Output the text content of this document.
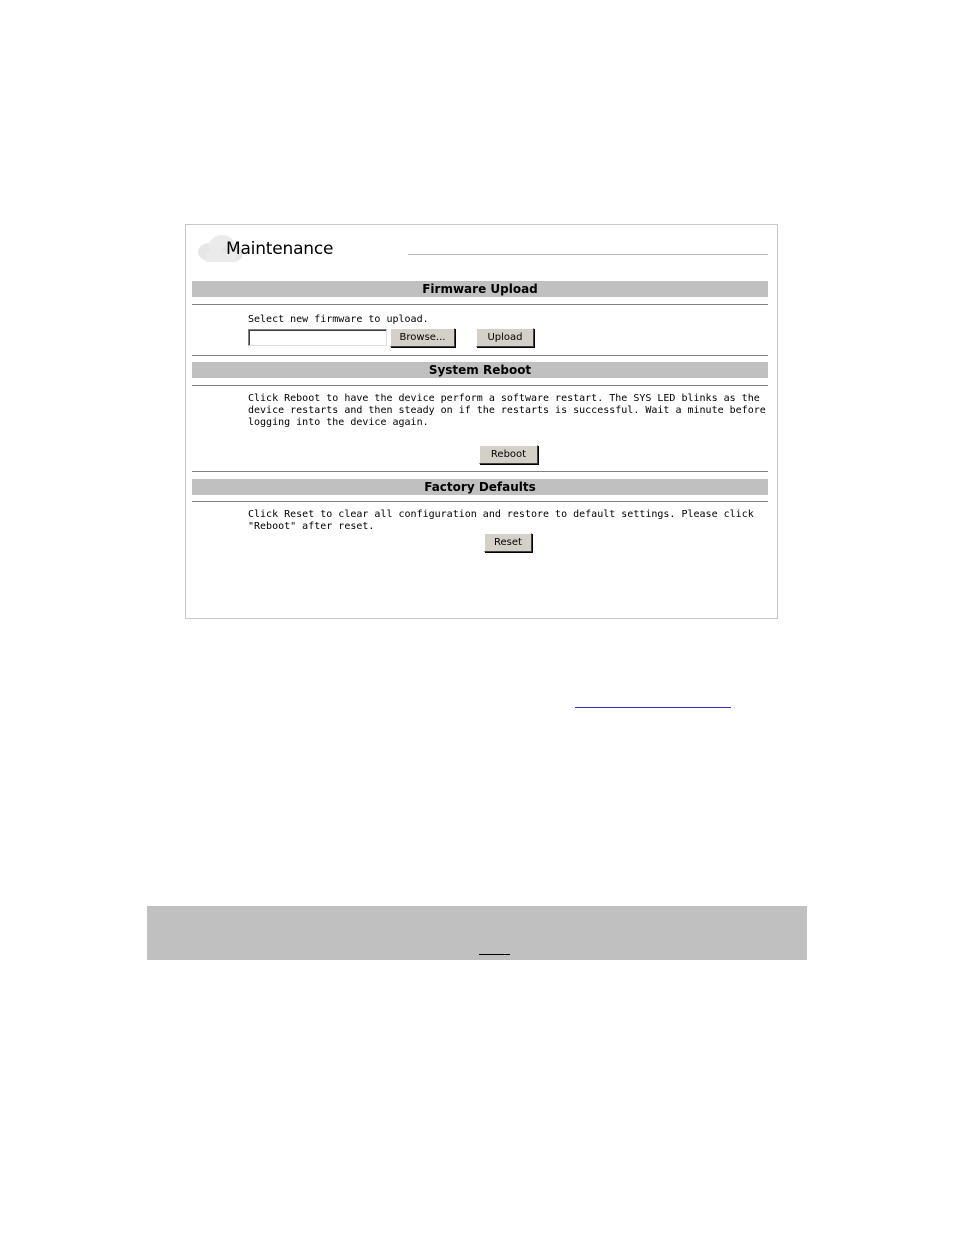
Maintenance
Firmware Upload

Select new firmware to upload.

Browse...	Upload
System Reboot

Click Reboot to have the device perform a software restart. The SYS LED blinks as the device restarts and then steady on if the restarts is successful. Wait a minute before logging into the device again.

Reboot
Factory Defaults

Click Reset to clear all configuration and restore to default settings. Please click "Reboot" after reset.

Reset
